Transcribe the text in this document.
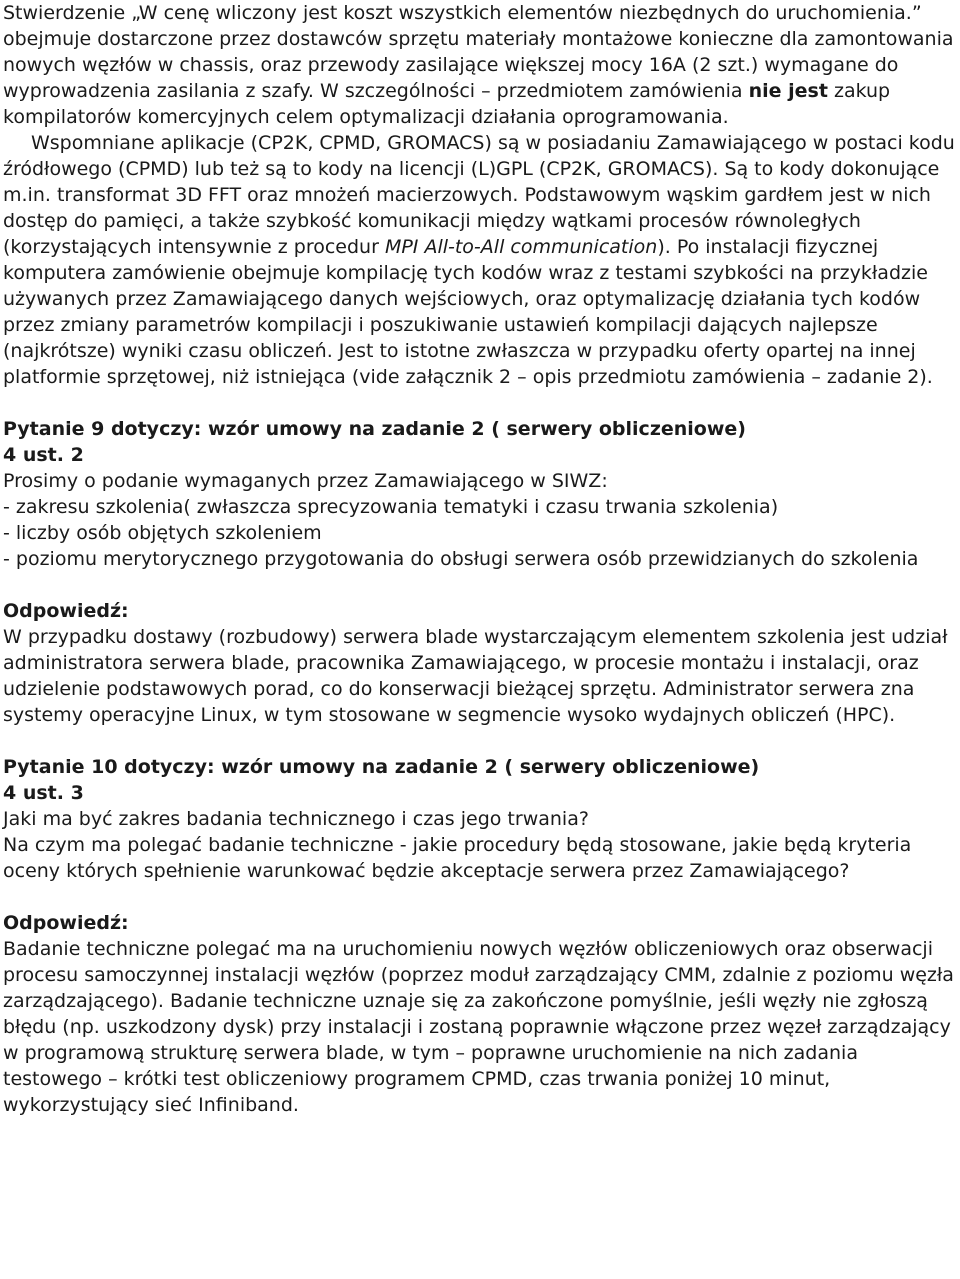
Stwierdzenie „W cenę wliczony jest koszt wszystkich elementów niezbędnych do uruchomienia.” obejmuje dostarczone przez dostawców sprzętu materiały montażowe konieczne dla zamontowania nowych węzłów w chassis, oraz przewody zasilające większej mocy 16A (2 szt.) wymagane do wyprowadzenia zasilania z szafy. W szczególności – przedmiotem zamówienia nie jest zakup kompilatorów komercyjnych celem optymalizacji działania oprogramowania.

Wspomniane aplikacje (CP2K, CPMD, GROMACS) są w posiadaniu Zamawiającego w postaci kodu źródłowego (CPMD) lub też są to kody na licencji (L)GPL (CP2K, GROMACS). Są to kody dokonujące m.in. transformat 3D FFT oraz mnożeń macierzowych. Podstawowym wąskim gardłem jest w nich dostęp do pamięci, a także szybkość komunikacji między wątkami procesów równoległych (korzystających intensywnie z procedur MPI All-to-All communication). Po instalacji fizycznej komputera zamówienie obejmuje kompilację tych kodów wraz z testami szybkości na przykładzie używanych przez Zamawiającego danych wejściowych, oraz optymalizację działania tych kodów przez zmiany parametrów kompilacji i poszukiwanie ustawień kompilacji dających najlepsze (najkrótsze) wyniki czasu obliczeń. Jest to istotne zwłaszcza w przypadku oferty opartej na innej platformie sprzętowej, niż istniejąca (vide załącznik 2 – opis przedmiotu zamówienia – zadanie 2).

Pytanie 9 dotyczy: wzór umowy na zadanie 2 ( serwery obliczeniowe)

4 ust. 2

Prosimy o podanie wymaganych przez Zamawiającego w SIWZ:

- zakresu szkolenia( zwłaszcza sprecyzowania tematyki i czasu trwania szkolenia)

- liczby osób objętych szkoleniem

- poziomu merytorycznego przygotowania do obsługi serwera osób przewidzianych do szkolenia

Odpowiedź:

W przypadku dostawy (rozbudowy) serwera blade wystarczającym elementem szkolenia jest udział administratora serwera blade, pracownika Zamawiającego, w procesie montażu i instalacji, oraz udzielenie podstawowych porad, co do konserwacji bieżącej sprzętu. Administrator serwera zna systemy operacyjne Linux, w tym stosowane w segmencie wysoko wydajnych obliczeń (HPC).

Pytanie 10 dotyczy: wzór umowy na zadanie 2 ( serwery obliczeniowe)

4 ust. 3

Jaki ma być zakres badania technicznego i czas jego trwania?

Na czym ma polegać badanie techniczne - jakie procedury będą stosowane, jakie będą kryteria oceny których spełnienie warunkować będzie akceptacje serwera przez Zamawiającego?

Odpowiedź:

Badanie techniczne polegać ma na uruchomieniu nowych węzłów obliczeniowych oraz obserwacji procesu samoczynnej instalacji węzłów (poprzez moduł zarządzający CMM, zdalnie z poziomu węzła zarządzającego). Badanie techniczne uznaje się za zakończone pomyślnie, jeśli węzły nie zgłoszą błędu (np. uszkodzony dysk) przy instalacji i zostaną poprawnie włączone przez węzeł zarządzający w programową strukturę serwera blade, w tym – poprawne uruchomienie na nich zadania testowego – krótki test obliczeniowy programem CPMD, czas trwania poniżej 10 minut, wykorzystujący sieć Infiniband.
